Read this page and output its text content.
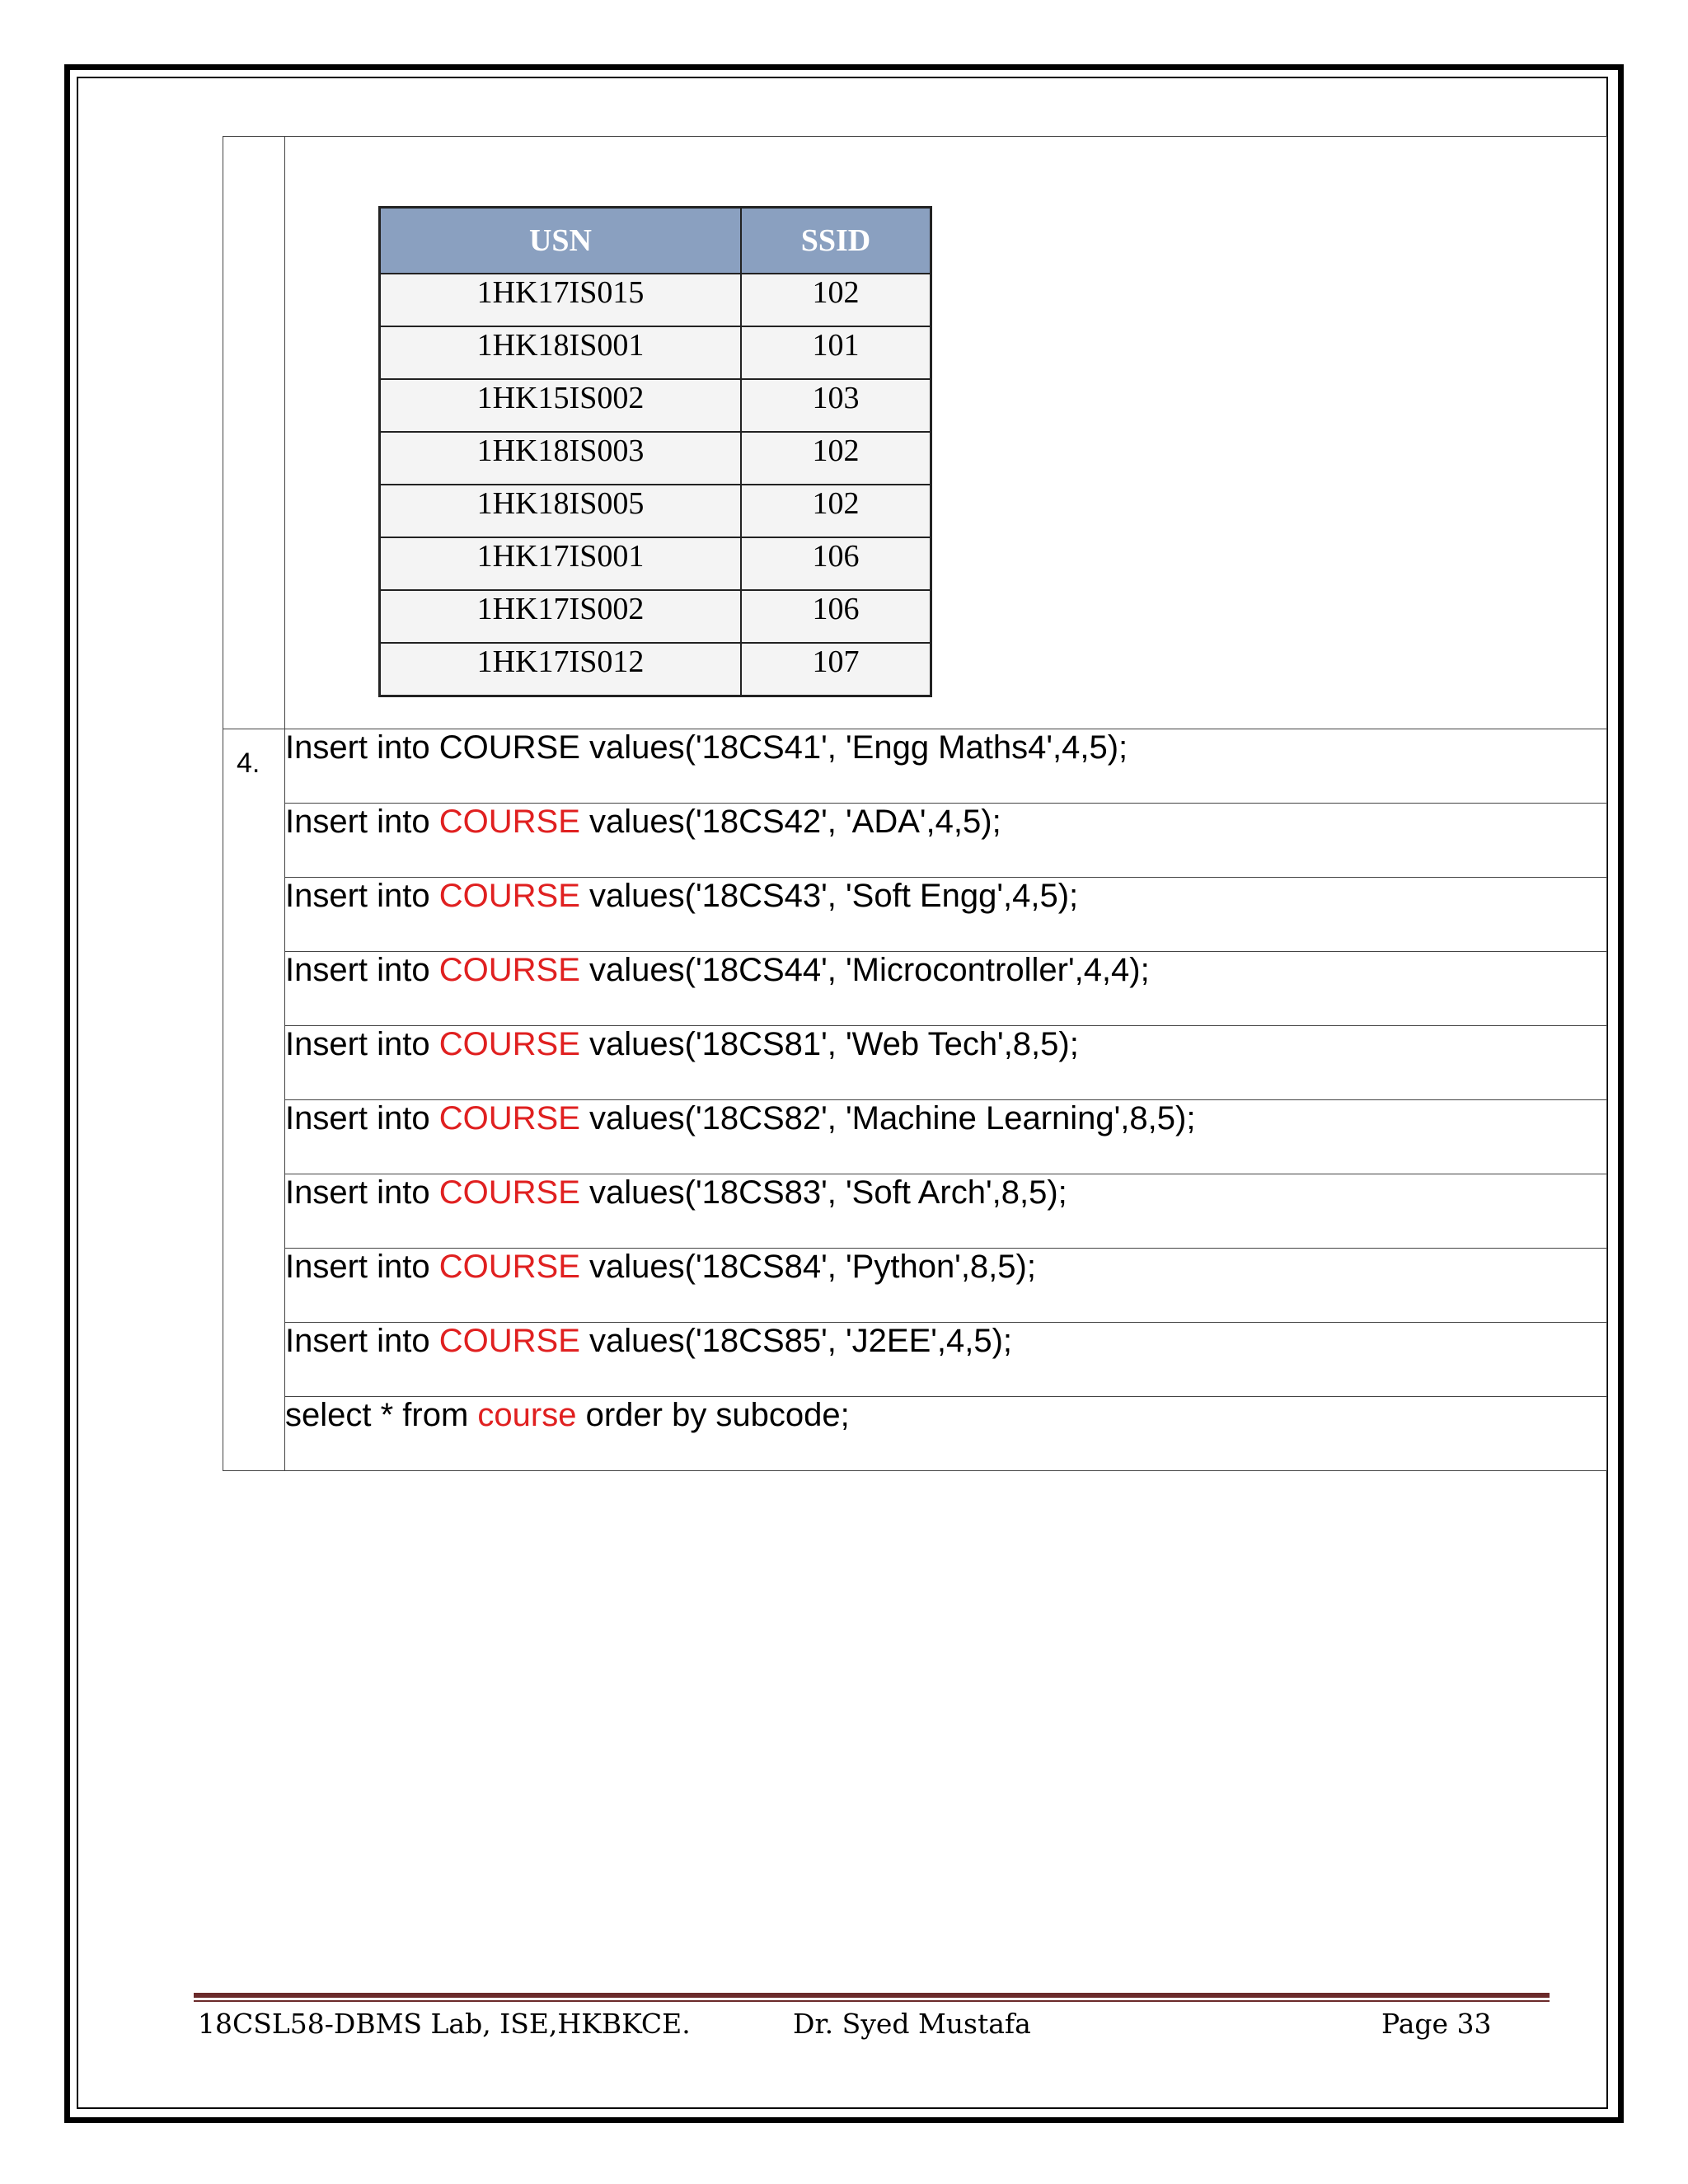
USN	SSID
1HK17IS015	102
1HK18IS001	101
1HK15IS002	103
1HK18IS003	102
1HK18IS005	102
1HK17IS001	106
1HK17IS002	106
1HK17IS012	107

4.	Insert into COURSE values('18CS41', 'Engg Maths4',4,5);
Insert into COURSE values('18CS42', 'ADA',4,5);
Insert into COURSE values('18CS43', 'Soft Engg',4,5);
Insert into COURSE values('18CS44', 'Microcontroller',4,4);
Insert into COURSE values('18CS81', 'Web Tech',8,5);
Insert into COURSE values('18CS82', 'Machine Learning',8,5);
Insert into COURSE values('18CS83', 'Soft Arch',8,5);
Insert into COURSE values('18CS84', 'Python',8,5);
Insert into COURSE values('18CS85', 'J2EE',4,5);
select * from course order by subcode;
18CSL58-DBMS Lab, ISE,HKBKCE.	Dr. Syed Mustafa	Page 33
